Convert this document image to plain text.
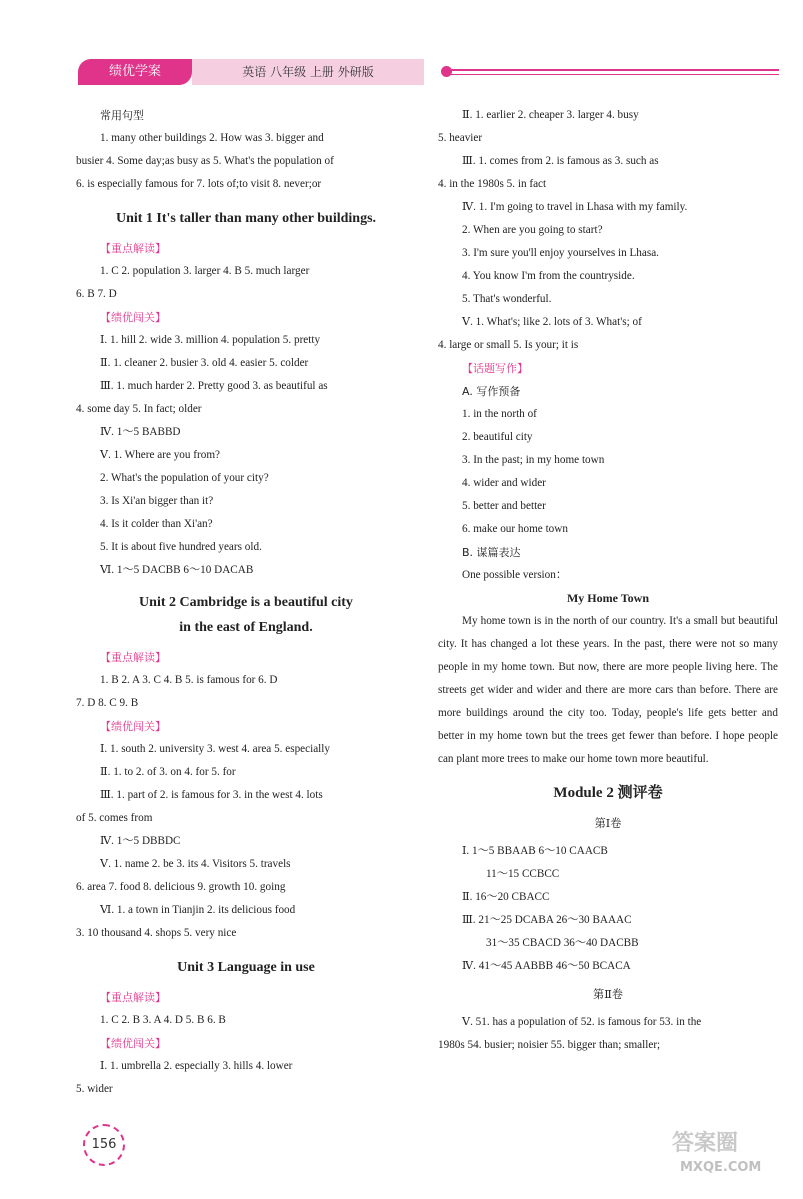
绩优学案	英语 八年级 上册 外研版
常用句型
1. many other buildings 2. How was 3. bigger and
busier 4. Some day;as busy as 5. What's the population of
6. is especially famous for 7. lots of;to visit 8. never;or
Unit 1 It's taller than many other buildings.
【重点解读】
1. C 2. population 3. larger 4. B 5. much larger
6. B 7. D
【绩优闯关】
Ⅰ. 1. hill 2. wide 3. million 4. population 5. pretty
Ⅱ. 1. cleaner 2. busier 3. old 4. easier 5. colder
Ⅲ. 1. much harder 2. Pretty good 3. as beautiful as
4. some day 5. In fact; older
Ⅳ. 1～5 BABBD
Ⅴ. 1. Where are you from?
2. What's the population of your city?
3. Is Xi'an bigger than it?
4. Is it colder than Xi'an?
5. It is about five hundred years old.
Ⅵ. 1～5 DACBB 6～10 DACAB
Unit 2 Cambridge is a beautiful city
in the east of England.
【重点解读】
1. B 2. A 3. C 4. B 5. is famous for 6. D
7. D 8. C 9. B
【绩优闯关】
Ⅰ. 1. south 2. university 3. west 4. area 5. especially
Ⅱ. 1. to 2. of 3. on 4. for 5. for
Ⅲ. 1. part of 2. is famous for 3. in the west 4. lots
of 5. comes from
Ⅳ. 1～5 DBBDC
Ⅴ. 1. name 2. be 3. its 4. Visitors 5. travels
6. area 7. food 8. delicious 9. growth 10. going
Ⅵ. 1. a town in Tianjin 2. its delicious food
3. 10 thousand 4. shops 5. very nice
Unit 3 Language in use
【重点解读】
1. C 2. B 3. A 4. D 5. B 6. B
【绩优闯关】
Ⅰ. 1. umbrella 2. especially 3. hills 4. lower
5. wider
Ⅱ. 1. earlier 2. cheaper 3. larger 4. busy
5. heavier
Ⅲ. 1. comes from 2. is famous as 3. such as
4. in the 1980s 5. in fact
Ⅳ. 1. I'm going to travel in Lhasa with my family.
2. When are you going to start?
3. I'm sure you'll enjoy yourselves in Lhasa.
4. You know I'm from the countryside.
5. That's wonderful.
Ⅴ. 1. What's; like 2. lots of 3. What's; of
4. large or small 5. Is your; it is
【话题写作】
A. 写作预备
1. in the north of
2. beautiful city
3. In the past; in my home town
4. wider and wider
5. better and better
6. make our home town
B. 谋篇表达
One possible version：
My Home Town
My home town is in the north of our country. It's a small but beautiful city. It has changed a lot these years. In the past, there were not so many people in my home town. But now, there are more people living here. The streets get wider and wider and there are more cars than before. There are more buildings around the city too. Today, people's life gets better and better in my home town but the trees get fewer than before. I hope people can plant more trees to make our home town more beautiful.
Module 2 测评卷
第Ⅰ卷
Ⅰ. 1～5 BBAAB 6～10 CAACB
11～15 CCBCC
Ⅱ. 16～20 CBACC
Ⅲ. 21～25 DCABA 26～30 BAAAC
31～35 CBACD 36～40 DACBB
Ⅳ. 41～45 AABBB 46～50 BCACA
第Ⅱ卷
Ⅴ. 51. has a population of 52. is famous for 53. in the
1980s 54. busier; noisier 55. bigger than; smaller;
156	答案圈
MXQE.COM
